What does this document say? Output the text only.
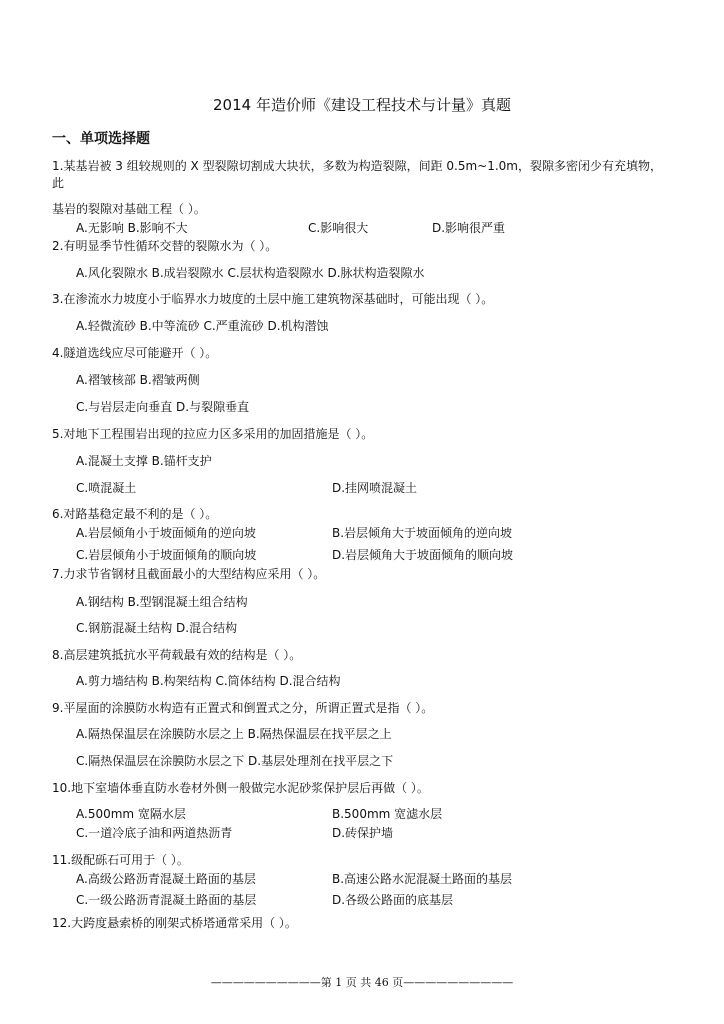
2014 年造价师《建设工程技术与计量》真题
一、单项选择题
1.某基岩被 3 组较规则的 X 型裂隙切割成大块状，多数为构造裂隙，间距 0.5m~1.0m，裂隙多密闭少有充填物，
此
基岩的裂隙对基础工程（ ）。
A.无影响 B.影响不大	C.影响很大	D.影响很严重
2.有明显季节性循环交替的裂隙水为（ ）。
A.风化裂隙水 B.成岩裂隙水 C.层状构造裂隙水 D.脉状构造裂隙水
3.在渗流水力坡度小于临界水力坡度的土层中施工建筑物深基础时，可能出现（ ）。
A.轻微流砂 B.中等流砂 C.严重流砂 D.机构潜蚀
4.隧道选线应尽可能避开（ ）。
A.褶皱核部 B.褶皱两侧
C.与岩层走向垂直 D.与裂隙垂直
5.对地下工程围岩出现的拉应力区多采用的加固措施是（ ）。
A.混凝土支撑 B.锚杆支护
C.喷混凝土	D.挂网喷混凝土
6.对路基稳定最不利的是（ ）。
A.岩层倾角小于坡面倾角的逆向坡	B.岩层倾角大于坡面倾角的逆向坡
C.岩层倾角小于坡面倾角的顺向坡	D.岩层倾角大于坡面倾角的顺向坡
7.力求节省钢材且截面最小的大型结构应采用（ ）。
A.钢结构 B.型钢混凝土组合结构
C.钢筋混凝土结构 D.混合结构
8.高层建筑抵抗水平荷载最有效的结构是（ ）。
A.剪力墙结构 B.构架结构 C.筒体结构 D.混合结构
9.平屋面的涂膜防水构造有正置式和倒置式之分，所谓正置式是指（ ）。
A.隔热保温层在涂膜防水层之上 B.隔热保温层在找平层之上
C.隔热保温层在涂膜防水层之下 D.基层处理剂在找平层之下
10.地下室墙体垂直防水卷材外侧一般做完水泥砂浆保护层后再做（ ）。
A.500mm 宽隔水层	B.500mm 宽滤水层
C.一道冷底子油和两道热沥青	D.砖保护墙
11.级配砾石可用于（ ）。
A.高级公路沥青混凝土路面的基层	B.高速公路水泥混凝土路面的基层
C.一级公路沥青混凝土路面的基层	D.各级公路面的底基层
12.大跨度悬索桥的刚架式桥塔通常采用（ ）。
——————————第 1 页 共 46 页——————————
